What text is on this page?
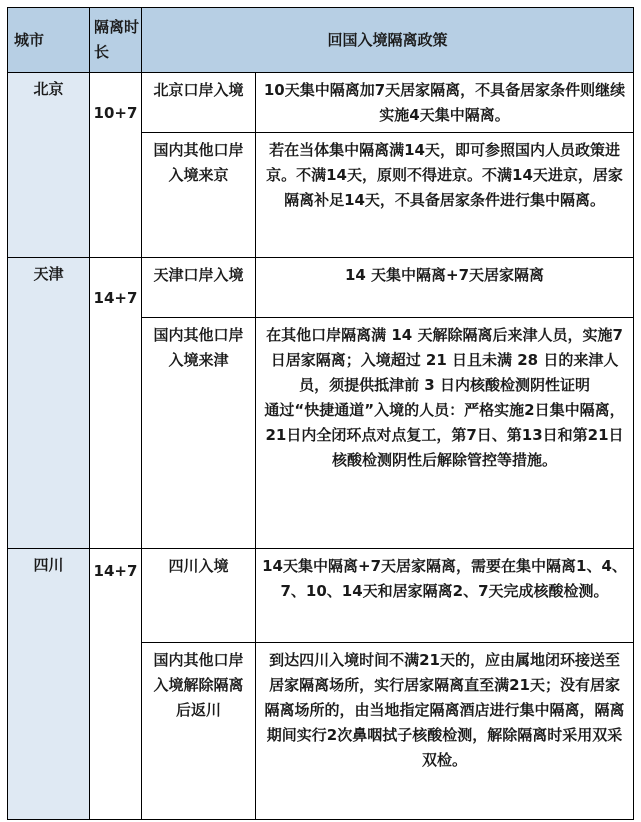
城市	隔离时长	回国入境隔离政策	
北京	10+7	北京口岸入境	10天集中隔离加7天居家隔离，不具备居家条件则继续实施4天集中隔离。
		国内其他口岸入境来京	若在当体集中隔离满14天，即可参照国内人员政策进京。不满14天，原则不得进京。不满14天进京，居家隔离补足14天，不具备居家条件进行集中隔离。
天津	14+7	天津口岸入境	14 天集中隔离+7天居家隔离
		国内其他口岸入境来津	在其他口岸隔离满 14 天解除隔离后来津人员，实施7日居家隔离；入境超过 21 日且未满 28 日的来津人员，须提供抵津前 3 日内核酸检测阴性证明
通过“快捷通道”入境的人员：严格实施2日集中隔离，21日内全闭环点对点复工，第7日、第13日和第21日核酸检测阴性后解除管控等措施。
四川	14+7	四川入境	14天集中隔离+7天居家隔离，需要在集中隔离1、4、7、10、14天和居家隔离2、7天完成核酸检测。
		国内其他口岸入境解除隔离后返川	到达四川入境时间不满21天的，应由属地闭环接送至居家隔离场所，实行居家隔离直至满21天；没有居家隔离场所的，由当地指定隔离酒店进行集中隔离，隔离期间实行2次鼻咽拭子核酸检测，解除隔离时采用双采双检。
